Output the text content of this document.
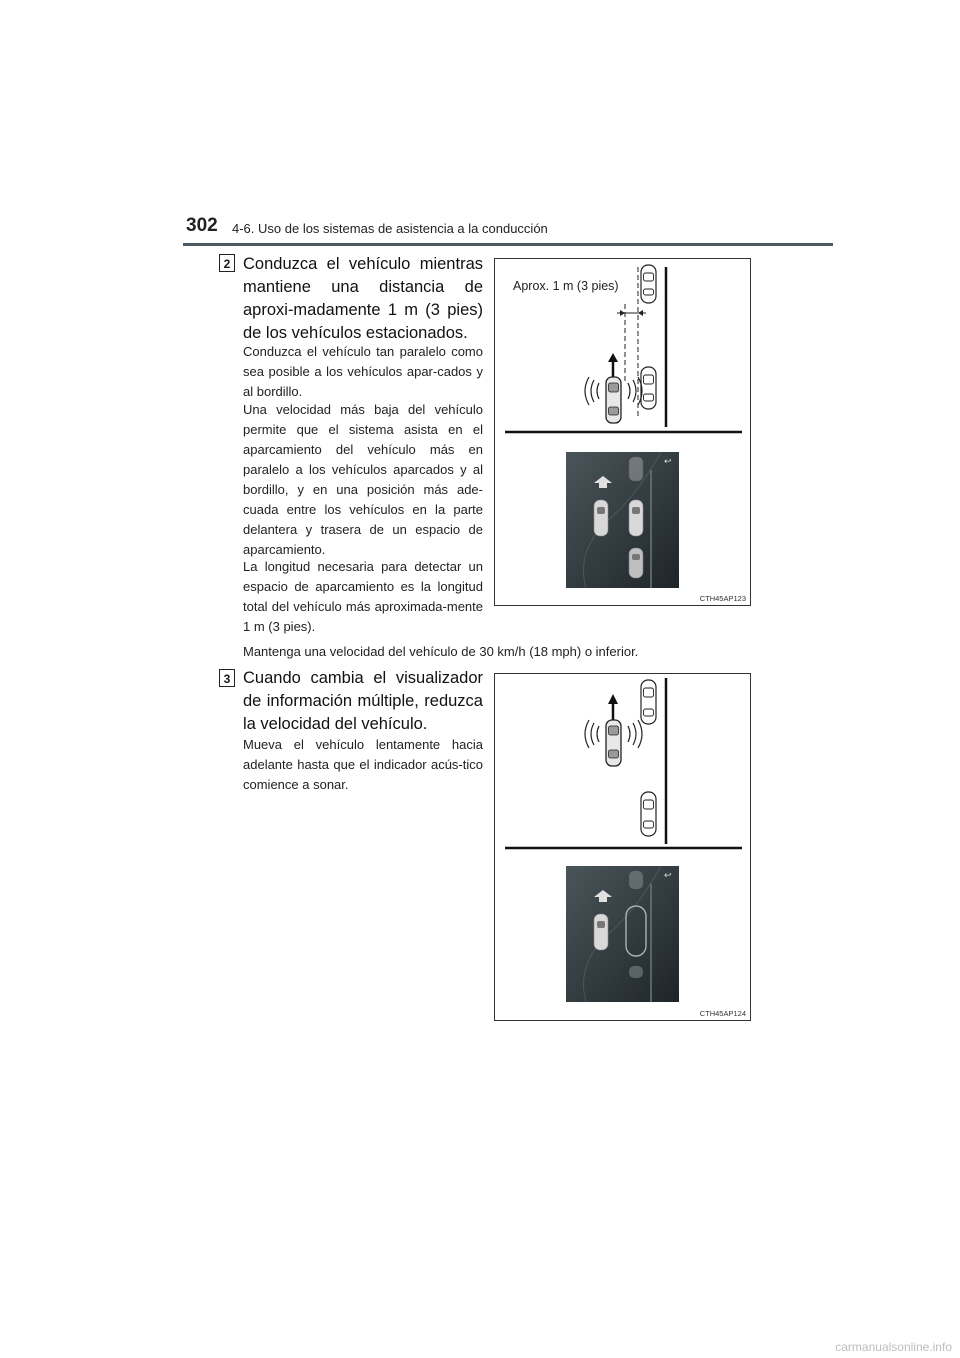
302 4-6. Uso de los sistemas de asistencia a la conducción
2 Conduzca el vehículo mientras mantiene una distancia de aproxi-madamente 1 m (3 pies) de los vehículos estacionados.

Conduzca el vehículo tan paralelo como sea posible a los vehículos apar-cados y al bordillo.

Una velocidad más baja del vehículo permite que el sistema asista en el aparcamiento del vehículo más en paralelo a los vehículos aparcados y al bordillo, y en una posición más ade-cuada entre los vehículos en la parte delantera y trasera de un espacio de aparcamiento.

La longitud necesaria para detectar un espacio de aparcamiento es la longitud total del vehículo más aproximada-mente 1 m (3 pies).

Mantenga una velocidad del vehículo de 30 km/h (18 mph) o inferior.
↩
Aprox. 1 m (3 pies)
CTH45AP123
3 Cuando cambia el visualizador de información múltiple, reduzca la velocidad del vehículo.

Mueva el vehículo lentamente hacia adelante hasta que el indicador acús-tico comience a sonar.

↩
CTH45AP124
carmanualsonline.info
